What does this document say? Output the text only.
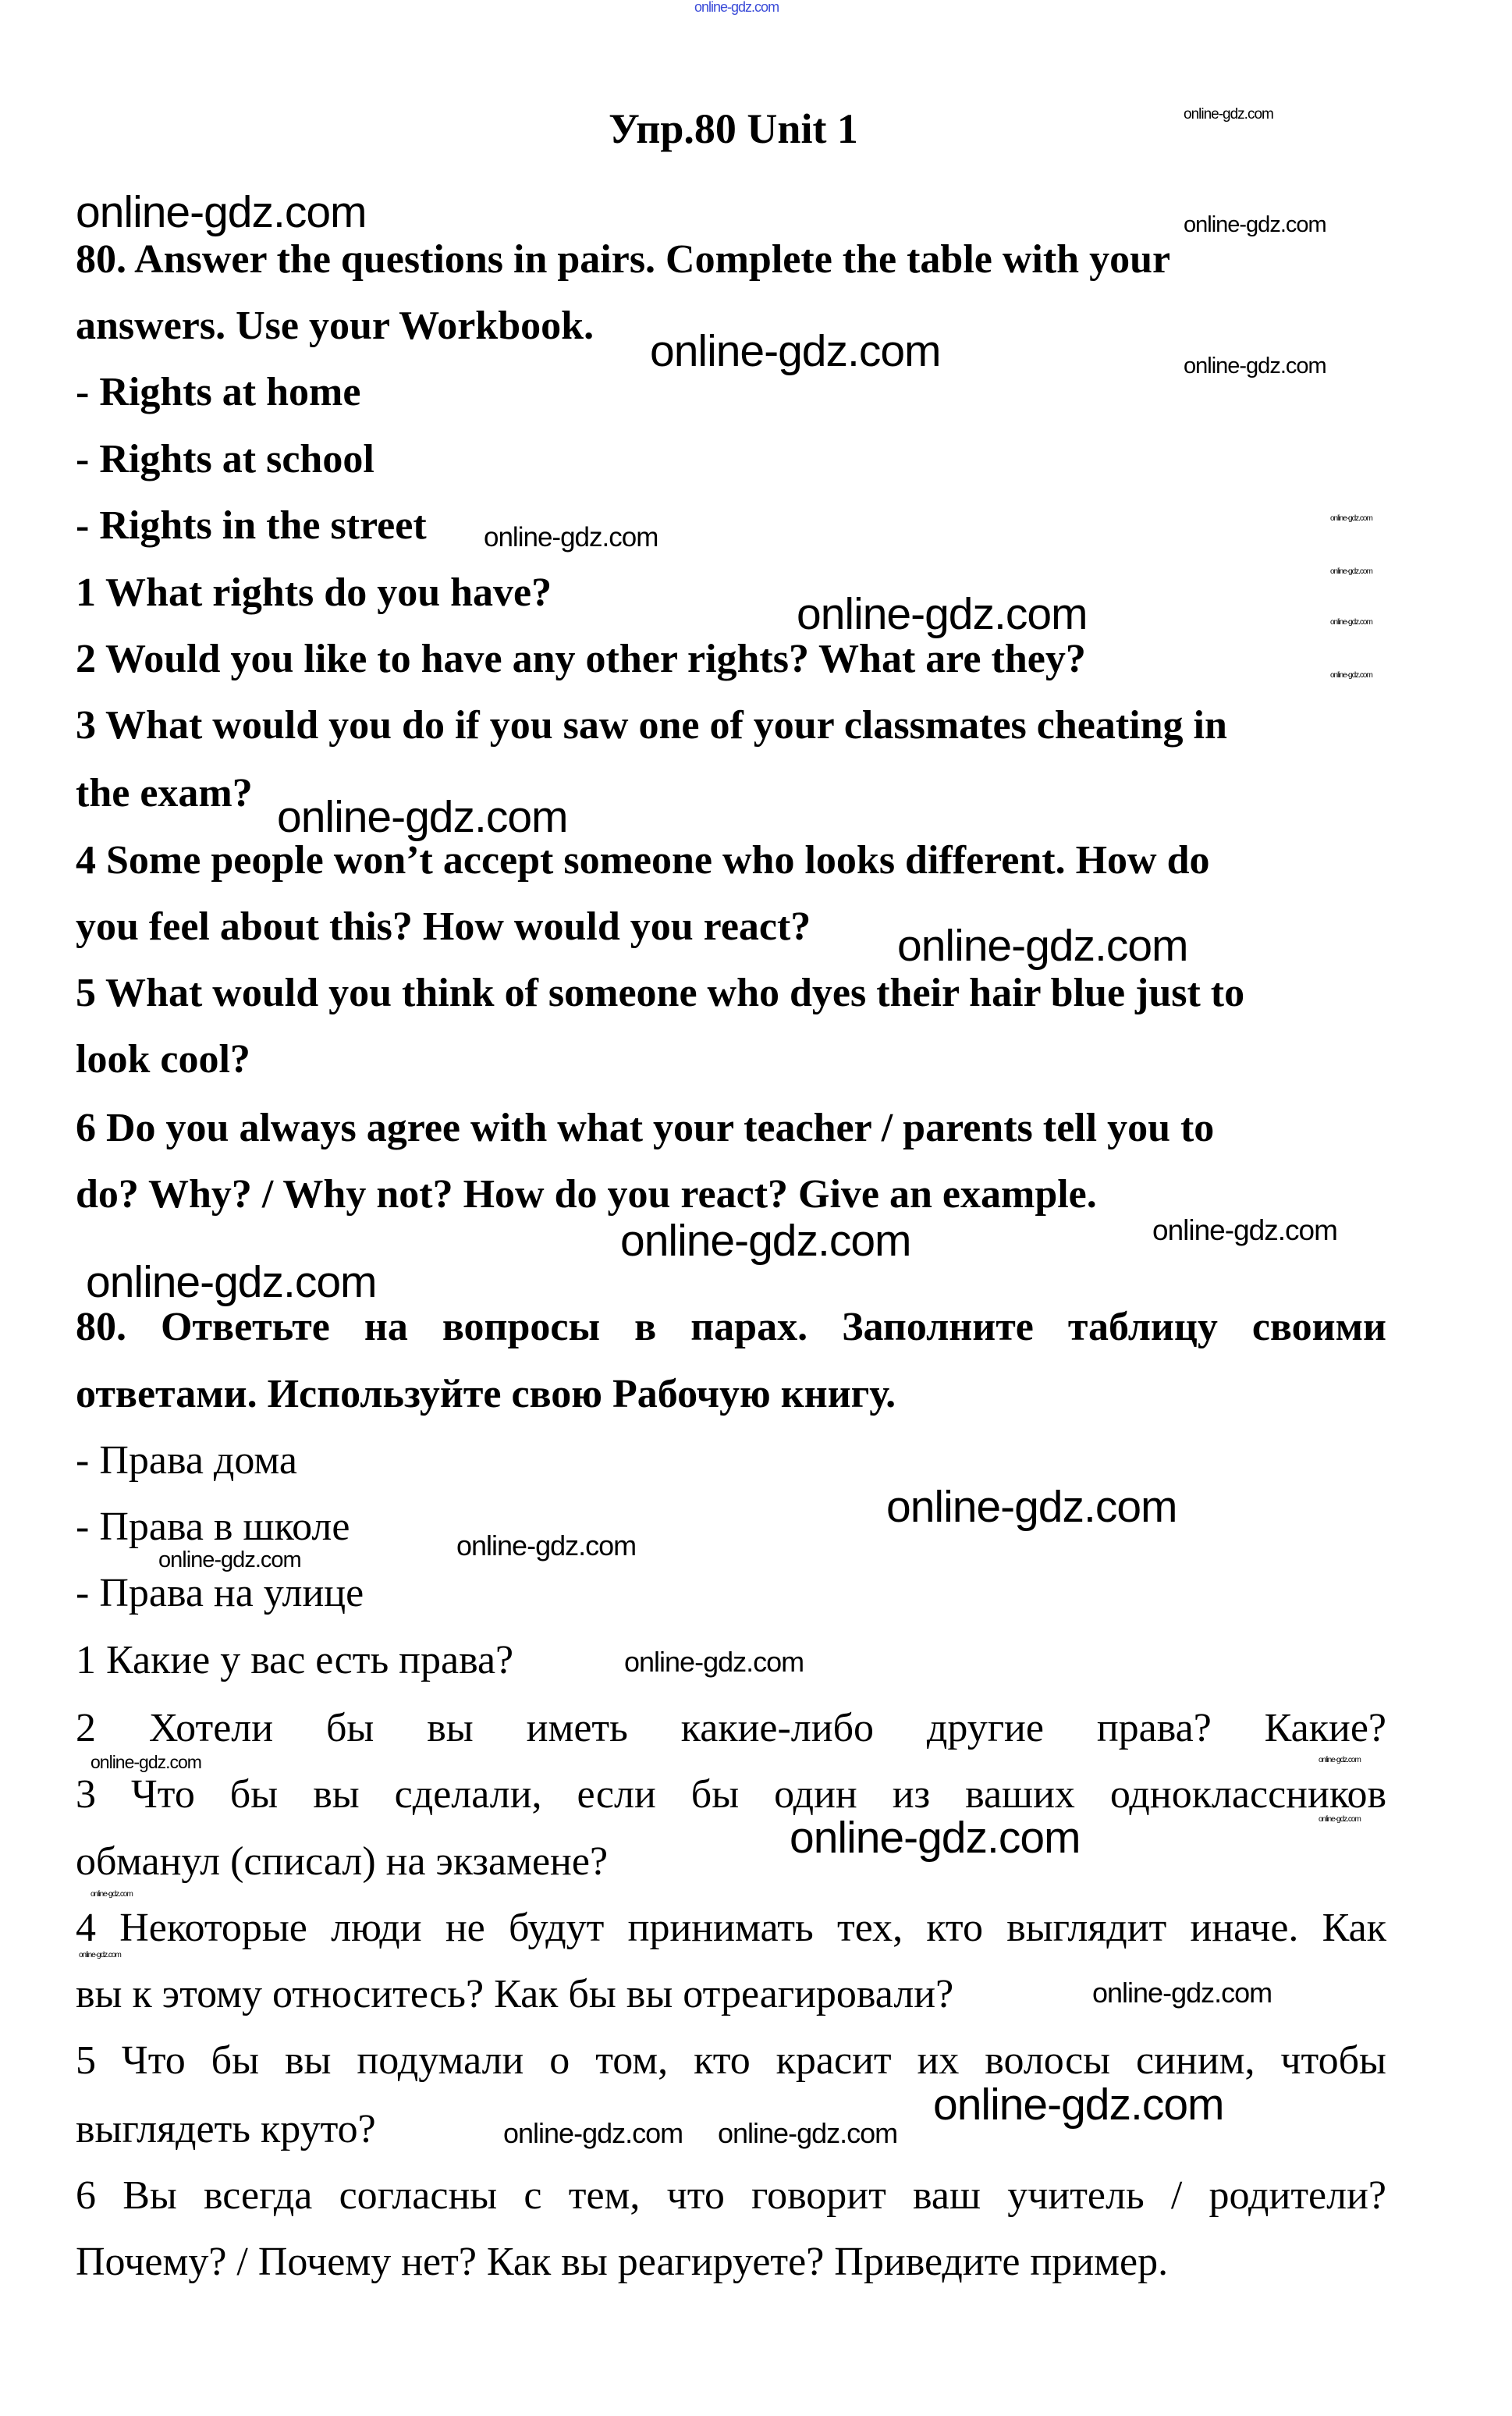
Упр.80 Unit 1
80. Answer the questions in pairs. Complete the table with your
answers. Use your Workbook.
- Rights at home
- Rights at school
- Rights in the street
1 What rights do you have?
2 Would you like to have any other rights? What are they?
3 What would you do if you saw one of your classmates cheating in
the exam?
4 Some people won’t accept someone who looks different. How do
you feel about this? How would you react?
5 What would you think of someone who dyes their hair blue just to
look cool?
6 Do you always agree with what your teacher / parents tell you to
do? Why? / Why not? How do you react? Give an example.
80. Ответьте на вопросы в парах. Заполните таблицу своими
ответами. Используйте свою Рабочую книгу.
- Права дома
- Права в школе
- Права на улице
1 Какие у вас есть права?
2 Хотели бы вы иметь какие-либо другие права? Какие?
3 Что бы вы сделали, если бы один из ваших одноклассников
обманул (списал) на экзамене?
4 Некоторые люди не будут принимать тех, кто выглядит иначе. Как
вы к этому относитесь? Как бы вы отреагировали?
5 Что бы вы подумали о том, кто красит их волосы синим, чтобы
выглядеть круто?
6 Вы всегда согласны с тем, что говорит ваш учитель / родители?
Почему? / Почему нет? Как вы реагируете? Приведите пример.
online-gdz.com
online-gdz.com
online-gdz.com	online-gdz.com
online-gdz.com	online-gdz.com
online-gdz.com
online-gdz.com
online-gdz.com
online-gdz.com
online-gdz.com
online-gdz.com
online-gdz.com
online-gdz.com
online-gdz.com
online-gdz.com
online-gdz.com
online-gdz.com
online-gdz.com
online-gdz.com
online-gdz.com
online-gdz.com
online-gdz.com
online-gdz.com
online-gdz.com
online-gdz.com
online-gdz.com
online-gdz.com
online-gdz.com
online-gdz.com online-gdz.com
